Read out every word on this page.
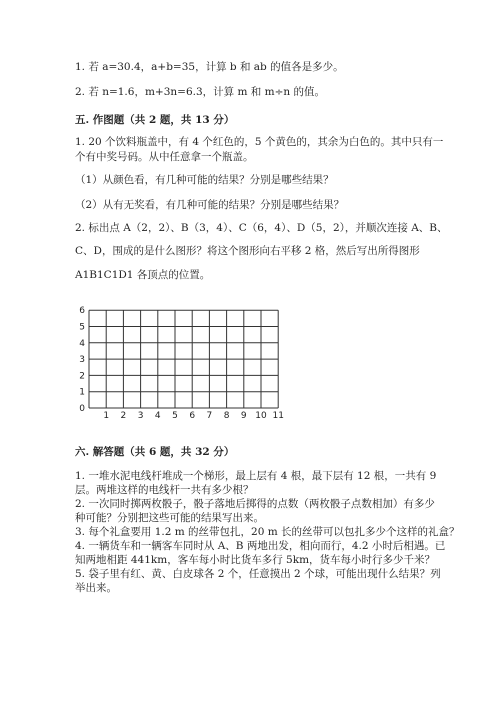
1. 若 a=30.4，a+b=35，计算 b 和 ab 的值各是多少。
2. 若 n=1.6，m+3n=6.3，计算 m 和 m÷n 的值。
五. 作图题（共 2 题，共 13 分）
1. 20 个饮料瓶盖中，有 4 个红色的，5 个黄色的，其余为白色的。其中只有一
个有中奖号码。从中任意拿一个瓶盖。
（1）从颜色看，有几种可能的结果？分别是哪些结果？
（2）从有无奖看，有几种可能的结果？分别是哪些结果？
2. 标出点 A（2，2）、B（3，4）、C（6，4）、D（5，2），并顺次连接 A、B、
C、D，围成的是什么图形？将这个图形向右平移 2 格，然后写出所得图形
A1B1C1D1 各顶点的位置。
1 2 3 4 5 6 7 8 9 10 11
0
1
2
3
4
5
6
六. 解答题（共 6 题，共 32 分）
1. 一堆水泥电线杆堆成一个梯形，最上层有 4 根，最下层有 12 根，一共有 9
层。两堆这样的电线杆一共有多少根？
2. 一次同时掷两枚骰子，骰子落地后掷得的点数（两枚骰子点数相加）有多少
种可能？分别把这些可能的结果写出来。
3. 每个礼盒要用 1.2 m 的丝带包扎，20 m 长的丝带可以包扎多少个这样的礼盒？
4. 一辆货车和一辆客车同时从 A、B 两地出发，相向而行，4.2 小时后相遇。已
知两地相距 441km，客车每小时比货车多行 5km，货车每小时行多少千米？
5. 袋子里有红、黄、白皮球各 2 个，任意摸出 2 个球，可能出现什么结果？列
举出来。
